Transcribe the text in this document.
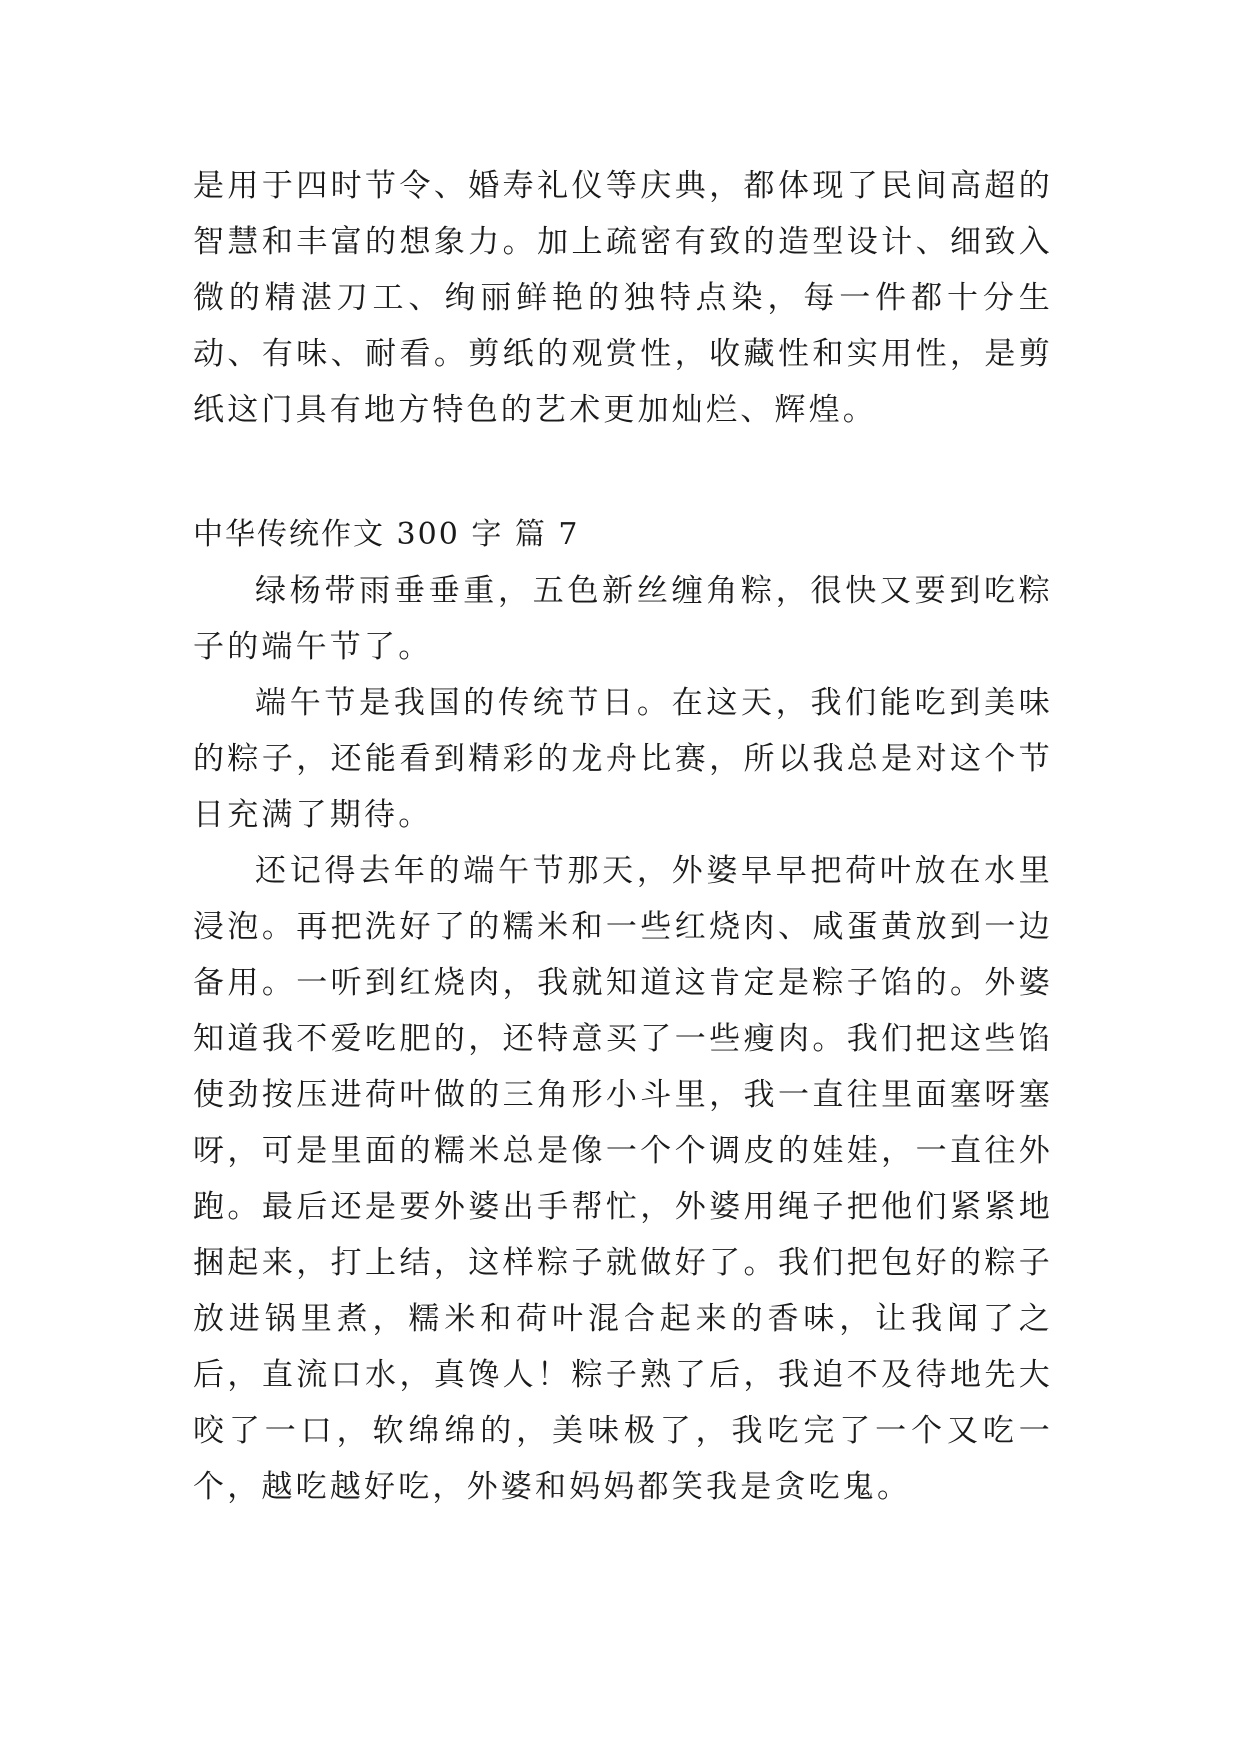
是用于四时节令、婚寿礼仪等庆典，都体现了民间高超的智慧和丰富的想象力。加上疏密有致的造型设计、细致入微的精湛刀工、绚丽鲜艳的独特点染，每一件都十分生动、有味、耐看。剪纸的观赏性，收藏性和实用性，是剪纸这门具有地方特色的艺术更加灿烂、辉煌。

中华传统作文 300 字 篇 7

绿杨带雨垂垂重，五色新丝缠角粽，很快又要到吃粽子的端午节了。

端午节是我国的传统节日。在这天，我们能吃到美味的粽子，还能看到精彩的龙舟比赛，所以我总是对这个节日充满了期待。

还记得去年的端午节那天，外婆早早把荷叶放在水里浸泡。再把洗好了的糯米和一些红烧肉、咸蛋黄放到一边备用。一听到红烧肉，我就知道这肯定是粽子馅的。外婆知道我不爱吃肥的，还特意买了一些瘦肉。我们把这些馅使劲按压进荷叶做的三角形小斗里，我一直往里面塞呀塞呀，可是里面的糯米总是像一个个调皮的娃娃，一直往外跑。最后还是要外婆出手帮忙，外婆用绳子把他们紧紧地捆起来，打上结，这样粽子就做好了。我们把包好的粽子放进锅里煮，糯米和荷叶混合起来的香味，让我闻了之后，直流口水，真馋人！粽子熟了后，我迫不及待地先大咬了一口，软绵绵的，美味极了，我吃完了一个又吃一个，越吃越好吃，外婆和妈妈都笑我是贪吃鬼。
